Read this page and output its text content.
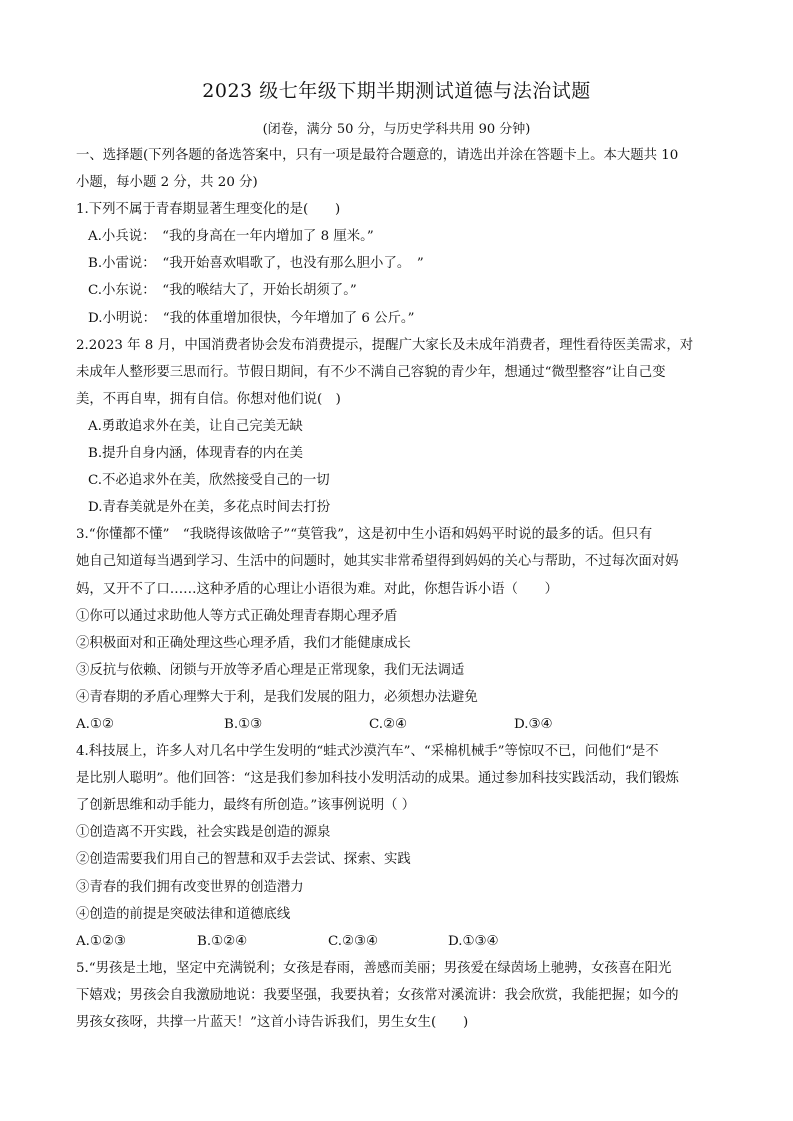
2023 级七年级下期半期测试道德与法治试题
(闭卷，满分 50 分，与历史学科共用 90 分钟)
一、选择题(下列各题的备选答案中，只有一项是最符合题意的，请选出并涂在答题卡上。本大题共 10
小题，每小题 2 分，共 20 分)
1.下列不属于青春期显著生理变化的是(　　)
A.小兵说：　“我的身高在一年内增加了 8 厘米。”
B.小雷说：　“我开始喜欢唱歌了，也没有那么胆小了。　”
C.小东说：　“我的喉结大了，开始长胡须了。”
D.小明说：　“我的体重增加很快，今年增加了 6 公斤。”
2.2023 年 8 月，中国消费者协会发布消费提示，提醒广大家长及未成年消费者，理性看待医美需求，对
未成年人整形要三思而行。节假日期间，有不少不满自己容貌的青少年，想通过“微型整容”让自己变
美，不再自卑，拥有自信。你想对他们说(　)
A.勇敢追求外在美，让自己完美无缺
B.提升自身内涵，体现青春的内在美
C.不必追求外在美，欣然接受自己的一切
D.青春美就是外在美，多花点时间去打扮
3.“你懂都不懂”　“我晓得该做啥子”“莫管我”，这是初中生小语和妈妈平时说的最多的话。但只有
她自己知道每当遇到学习、生活中的问题时，她其实非常希望得到妈妈的关心与帮助，不过每次面对妈
妈，又开不了口……这种矛盾的心理让小语很为难。对此，你想告诉小语（　　）
①你可以通过求助他人等方式正确处理青春期心理矛盾
②积极面对和正确处理这些心理矛盾，我们才能健康成长
③反抗与依赖、闭锁与开放等矛盾心理是正常现象，我们无法调适
④青春期的矛盾心理弊大于利，是我们发展的阻力，必须想办法避免
A.①②	B.①③	C.②④	D.③④
4.科技展上，许多人对几名中学生发明的“蛙式沙漠汽车”、“采棉机械手”等惊叹不已，问他们“是不
是比别人聪明”。他们回答：“这是我们参加科技小发明活动的成果。通过参加科技实践活动，我们锻炼
了创新思维和动手能力，最终有所创造。”该事例说明（ ）
①创造离不开实践，社会实践是创造的源泉
②创造需要我们用自己的智慧和双手去尝试、探索、实践
③青春的我们拥有改变世界的创造潜力
④创造的前提是突破法律和道德底线
A.①②③	B.①②④	C.②③④	D.①③④
5.“男孩是土地，坚定中充满锐利；女孩是春雨，善感而美丽；男孩爱在绿茵场上驰骋，女孩喜在阳光
下嬉戏；男孩会自我激励地说：我要坚强，我要执着；女孩常对溪流讲：我会欣赏，我能把握；如今的
男孩女孩呀，共撑一片蓝天！”这首小诗告诉我们，男生女生(　　)
